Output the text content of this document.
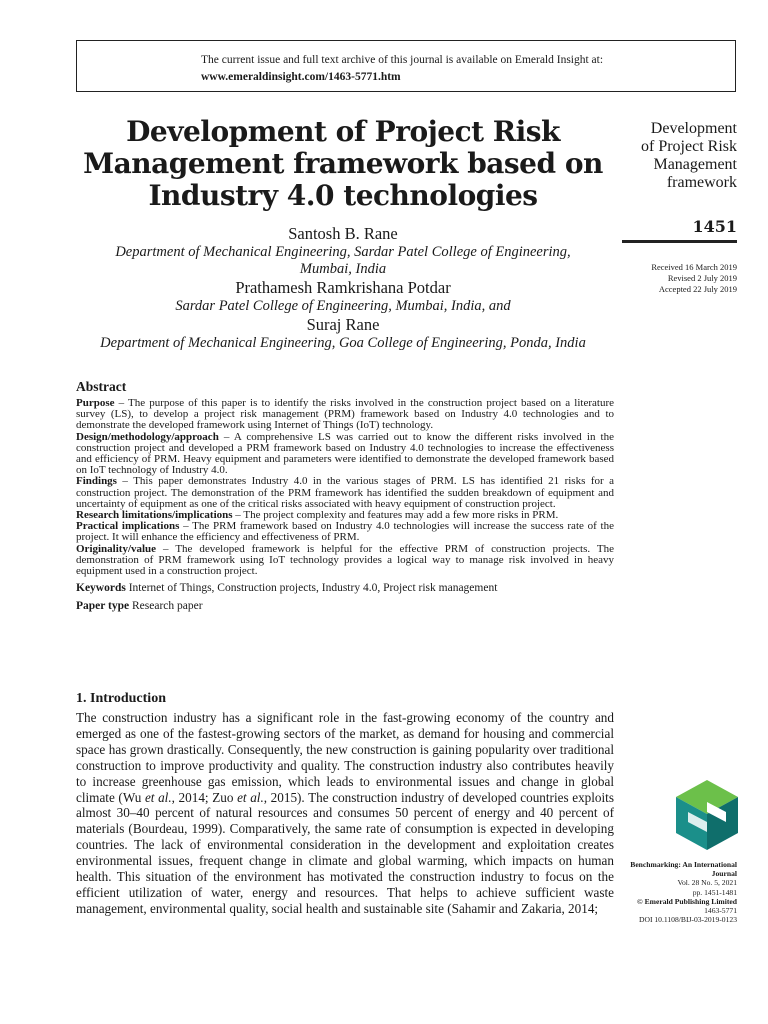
The current issue and full text archive of this journal is available on Emerald Insight at:
www.emeraldinsight.com/1463-5771.htm
Development of Project Risk
Management framework based on
Industry 4.0 technologies
Santosh B. Rane
Department of Mechanical Engineering, Sardar Patel College of Engineering,
Mumbai, India
Prathamesh Ramkrishana Potdar
Sardar Patel College of Engineering, Mumbai, India, and
Suraj Rane
Department of Mechanical Engineering, Goa College of Engineering, Ponda, India
Development
of Project Risk
Management
framework
1451
Received 16 March 2019
Revised 2 July 2019
Accepted 22 July 2019
Abstract

Purpose – The purpose of this paper is to identify the risks involved in the construction project based on a literature survey (LS), to develop a project risk management (PRM) framework based on Industry 4.0 technologies and to demonstrate the developed framework using Internet of Things (IoT) technology.

Design/methodology/approach – A comprehensive LS was carried out to know the different risks involved in the construction project and developed a PRM framework based on Industry 4.0 technologies to increase the effectiveness and efficiency of PRM. Heavy equipment and parameters were identified to demonstrate the developed framework based on IoT technology of Industry 4.0.

Findings – This paper demonstrates Industry 4.0 in the various stages of PRM. LS has identified 21 risks for a construction project. The demonstration of the PRM framework has identified the sudden breakdown of equipment and uncertainty of equipment as one of the critical risks associated with heavy equipment of construction project.

Research limitations/implications – The project complexity and features may add a few more risks in PRM.

Practical implications – The PRM framework based on Industry 4.0 technologies will increase the success rate of the project. It will enhance the efficiency and effectiveness of PRM.

Originality/value – The developed framework is helpful for the effective PRM of construction projects. The demonstration of PRM framework using IoT technology provides a logical way to manage risk involved in heavy equipment used in a construction project.

Keywords Internet of Things, Construction projects, Industry 4.0, Project risk management
Paper type Research paper
1. Introduction

The construction industry has a significant role in the fast-growing economy of the country and emerged as one of the fastest-growing sectors of the market, as demand for housing and commercial space has grown drastically. Consequently, the new construction is gaining popularity over traditional construction to improve productivity and quality. The construction industry also contributes heavily to increase greenhouse gas emission, which leads to environmental issues and change in global climate (Wu et al., 2014; Zuo et al., 2015). The construction industry of developed countries exploits almost 30–40 percent of natural resources and consumes 50 percent of energy and 40 percent of materials (Bourdeau, 1999). Comparatively, the same rate of consumption is expected in developing countries. The lack of environmental consideration in the development and exploitation creates environmental issues, frequent change in climate and global warming, which impacts on human health. This situation of the environment has motivated the construction industry to focus on the efficient utilization of water, energy and resources. That helps to achieve sufficient waste management, environmental quality, social health and sustainable site (Sahamir and Zakaria, 2014;

Benchmarking: An International
Journal
Vol. 28 No. 5, 2021
pp. 1451-1481
© Emerald Publishing Limited
1463-5771
DOI 10.1108/BIJ-03-2019-0123
